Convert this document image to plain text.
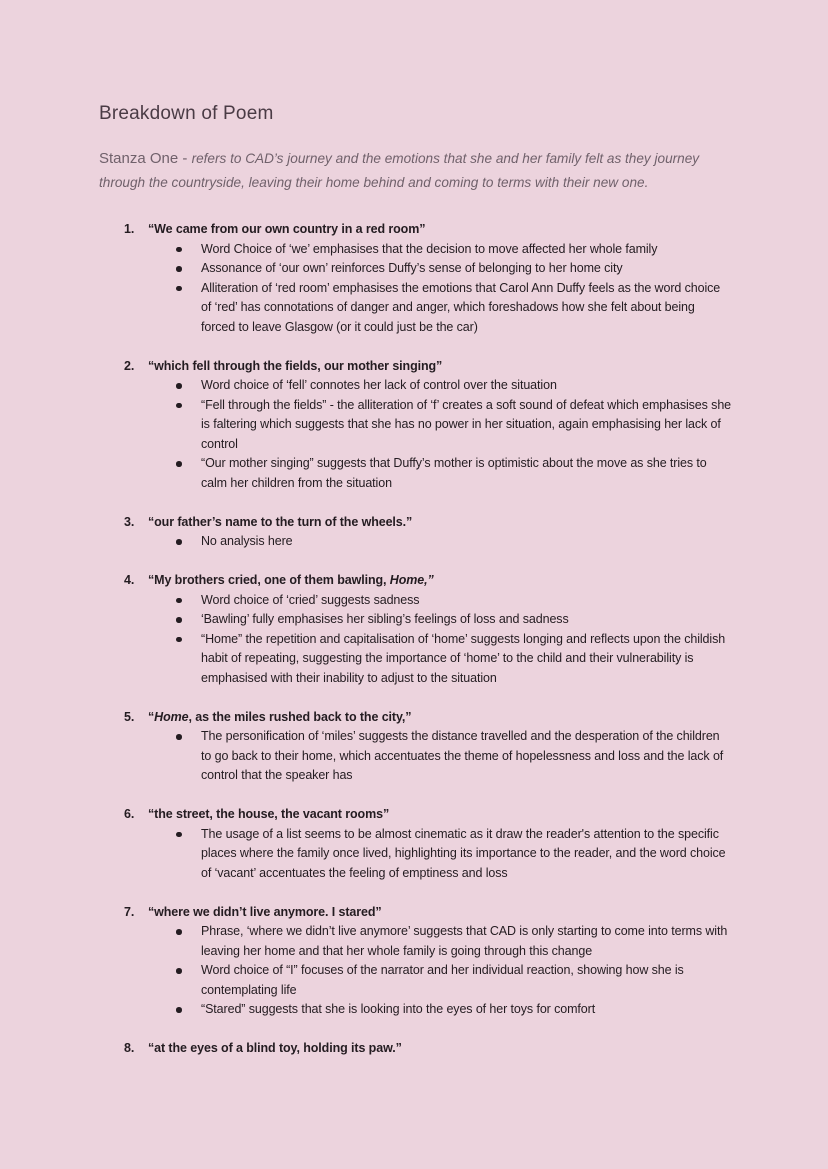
Breakdown of Poem

Stanza One - refers to CAD’s journey and the emotions that she and her family felt as they journey through the countryside, leaving their home behind and coming to terms with their new one.

1.	“We came from our own country in a red room”
Word Choice of ‘we’ emphasises that the decision to move affected her whole family
Assonance of ‘our own’ reinforces Duffy’s sense of belonging to her home city
Alliteration of ‘red room’ emphasises the emotions that Carol Ann Duffy feels as the word choice of ‘red’ has connotations of danger and anger, which foreshadows how she felt about being forced to leave Glasgow (or it could just be the car)
2.	“which fell through the fields, our mother singing”
Word choice of ‘fell’ connotes her lack of control over the situation
“Fell through the fields” - the alliteration of ‘f’ creates a soft sound of defeat which emphasises she is faltering which suggests that she has no power in her situation, again emphasising her lack of control
“Our mother singing” suggests that Duffy’s mother is optimistic about the move as she tries to calm her children from the situation
3.	“our father’s name to the turn of the wheels.”
No analysis here
4.	“My brothers cried, one of them bawling, Home,”
Word choice of ‘cried’ suggests sadness
‘Bawling’ fully emphasises her sibling’s feelings of loss and sadness
“Home” the repetition and capitalisation of ‘home’ suggests longing and reflects upon the childish habit of repeating, suggesting the importance of ‘home’ to the child and their vulnerability is emphasised with their inability to adjust to the situation
5.	“Home, as the miles rushed back to the city,”
The personification of ‘miles’ suggests the distance travelled and the desperation of the children to go back to their home, which accentuates the theme of hopelessness and loss and the lack of control that the speaker has
6.	“the street, the house, the vacant rooms”
The usage of a list seems to be almost cinematic as it draw the reader's attention to the specific places where the family once lived, highlighting its importance to the reader, and the word choice of ‘vacant’ accentuates the feeling of emptiness and loss
7.	“where we didn’t live anymore. I stared”
Phrase, ‘where we didn’t live anymore’ suggests that CAD is only starting to come into terms with leaving her home and that her whole family is going through this change
Word choice of “I” focuses of the narrator and her individual reaction, showing how she is contemplating life
“Stared” suggests that she is looking into the eyes of her toys for comfort
8.	“at the eyes of a blind toy, holding its paw.”
